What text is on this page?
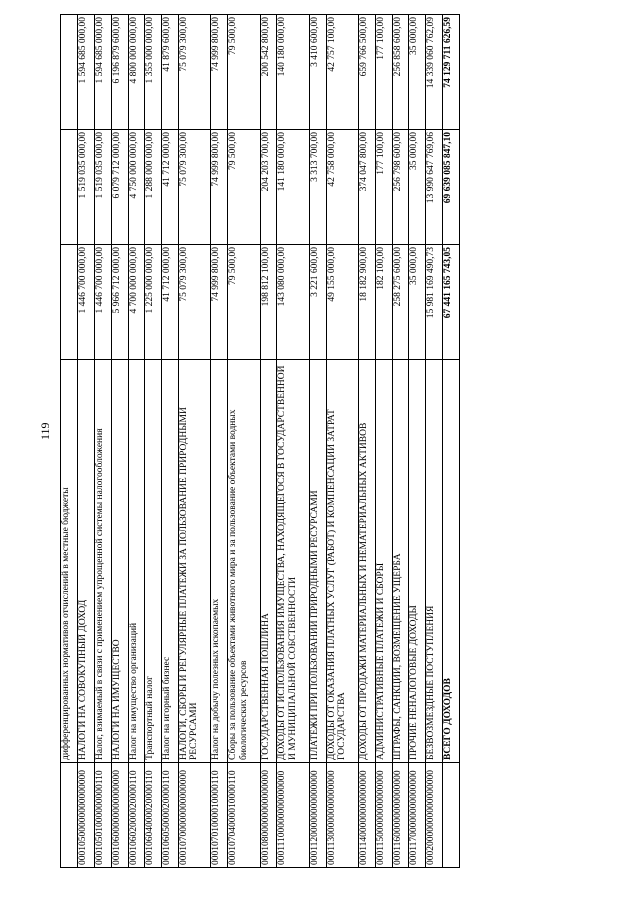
119
	дифференцированных нормативов отчислений в местные бюджеты			
00010500000000000000	НАЛОГИ НА СОВОКУПНЫЙ ДОХОД	1 446 700 000,00	1 519 035 000,00	1 594 685 000,00
00010501000000000110	Налог, взимаемый в связи с применением упрощенной системы налогообложения	1 446 700 000,00	1 519 035 000,00	1 594 685 000,00
00010600000000000000	НАЛОГИ НА ИМУЩЕСТВО	5 966 712 000,00	6 079 712 000,00	6 196 879 600,00
00010602000020000110	Налог на имущество организаций	4 700 000 000,00	4 750 000 000,00	4 800 000 000,00
00010604000020000110	Транспортный налог	1 225 000 000,00	1 288 000 000,00	1 355 000 000,00
00010605000020000110	Налог на игорный бизнес	41 712 000,00	41 712 000,00	41 879 600,00
00010700000000000000	НАЛОГИ, СБОРЫ И РЕГУЛЯРНЫЕ ПЛАТЕЖИ ЗА ПОЛЬЗОВАНИЕ ПРИРОДНЫМИ РЕСУРСАМИ	75 079 300,00	75 079 300,00	75 079 300,00
00010701000010000110	Налог на добычу полезных ископаемых	74 999 800,00	74 999 800,00	74 999 800,00
00010704000010000110	Сборы за пользование объектами животного мира и за пользование объектами водных биологических ресурсов	79 500,00	79 500,00	79 500,00
00010800000000000000	ГОСУДАРСТВЕННАЯ ПОШЛИНА	198 812 100,00	204 203 700,00	200 542 800,00
00011100000000000000	ДОХОДЫ ОТ ИСПОЛЬЗОВАНИЯ ИМУЩЕСТВА, НАХОДЯЩЕГОСЯ В ГОСУДАРСТВЕННОЙ И МУНИЦИПАЛЬНОЙ СОБСТВЕННОСТИ	143 080 000,00	141 180 000,00	140 180 000,00
00011200000000000000	ПЛАТЕЖИ ПРИ ПОЛЬЗОВАНИИ ПРИРОДНЫМИ РЕСУРСАМИ	3 221 600,00	3 313 700,00	3 410 600,00
00011300000000000000	ДОХОДЫ ОТ ОКАЗАНИЯ ПЛАТНЫХ УСЛУГ (РАБОТ) И КОМПЕНСАЦИИ ЗАТРАТ ГОСУДАРСТВА	49 155 000,00	42 758 000,00	42 757 100,00
00011400000000000000	ДОХОДЫ ОТ ПРОДАЖИ МАТЕРИАЛЬНЫХ И НЕМАТЕРИАЛЬНЫХ АКТИВОВ	18 182 900,00	374 047 800,00	659 766 500,00
00011500000000000000	АДМИНИСТРАТИВНЫЕ ПЛАТЕЖИ И СБОРЫ	182 100,00	177 100,00	177 100,00
00011600000000000000	ШТРАФЫ, САНКЦИИ, ВОЗМЕЩЕНИЕ УЩЕРБА	258 275 600,00	256 798 600,00	256 858 600,00
00011700000000000000	ПРОЧИЕ НЕНАЛОГОВЫЕ ДОХОДЫ	35 000,00	35 000,00	35 000,00
00020000000000000000	БЕЗВОЗМЕЗДНЫЕ ПОСТУПЛЕНИЯ	15 981 169 490,73	13 990 647 769,06	14 339 060 762,09
	ВСЕГО ДОХОДОВ	67 441 165 743,05	69 639 085 847,10	74 129 711 626,59
